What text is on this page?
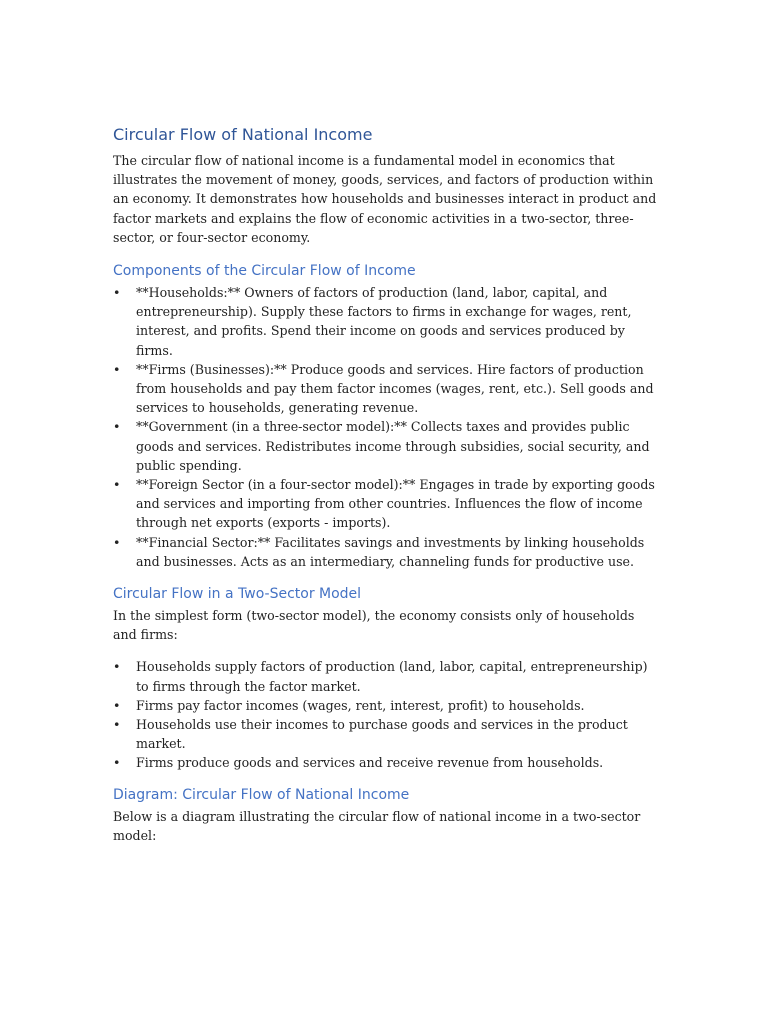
Circular Flow of National Income

The circular flow of national income is a fundamental model in economics that illustrates the movement of money, goods, services, and factors of production within an economy. It demonstrates how households and businesses interact in product and factor markets and explains the flow of economic activities in a two-sector, three-sector, or four-sector economy.

Components of the Circular Flow of Income
• **Households:** Owners of factors of production (land, labor, capital, and entrepreneurship). Supply these factors to firms in exchange for wages, rent, interest, and profits. Spend their income on goods and services produced by firms.
• **Firms (Businesses):** Produce goods and services. Hire factors of production from households and pay them factor incomes (wages, rent, etc.). Sell goods and services to households, generating revenue.
• **Government (in a three-sector model):** Collects taxes and provides public goods and services. Redistributes income through subsidies, social security, and public spending.
• **Foreign Sector (in a four-sector model):** Engages in trade by exporting goods and services and importing from other countries. Influences the flow of income through net exports (exports - imports).
• **Financial Sector:** Facilitates savings and investments by linking households and businesses. Acts as an intermediary, channeling funds for productive use.
Circular Flow in a Two-Sector Model

In the simplest form (two-sector model), the economy consists only of households and firms:

• Households supply factors of production (land, labor, capital, entrepreneurship) to firms through the factor market.
• Firms pay factor incomes (wages, rent, interest, profit) to households.
• Households use their incomes to purchase goods and services in the product market.
• Firms produce goods and services and receive revenue from households.
Diagram: Circular Flow of National Income

Below is a diagram illustrating the circular flow of national income in a two-sector model:
